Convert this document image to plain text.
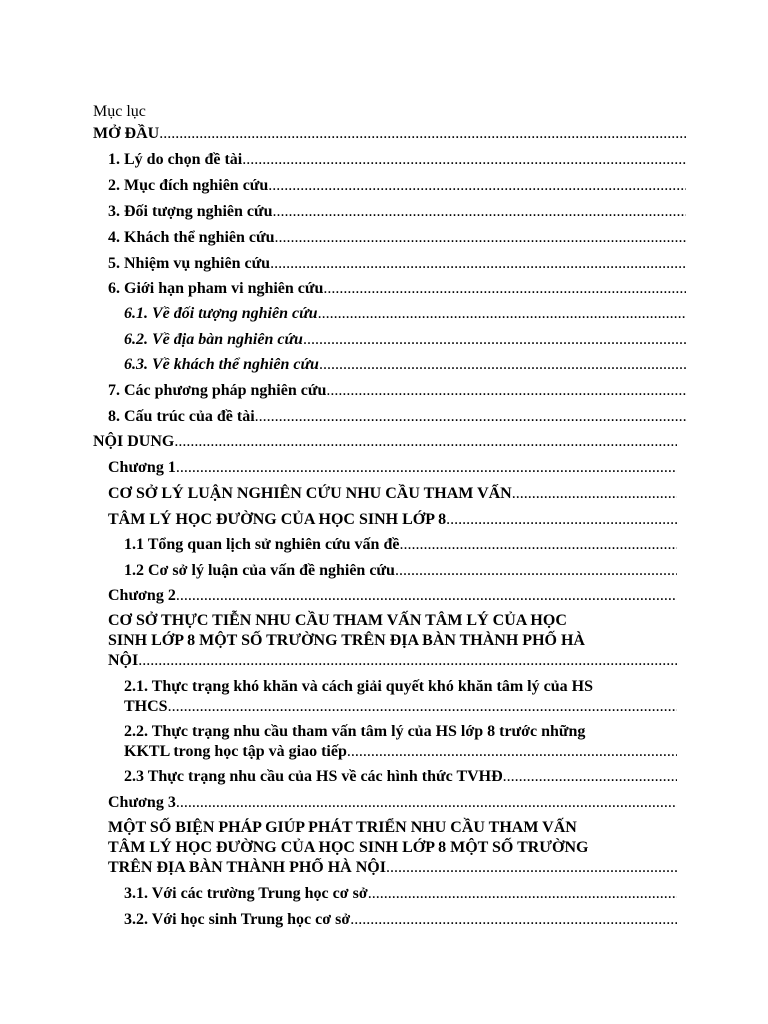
Mục lục
MỞ ĐẦU
.....
1. Lý do chọn đề tài
.....
2. Mục đích nghiên cứu
.....
3. Đối tượng nghiên cứu
.....
4. Khách thể nghiên cứu
.....
5. Nhiệm vụ nghiên cứu
.....
6. Giới hạn pham vi nghiên cứu
.....
6.1. Về đối tượng nghiên cứu
.....
6.2. Về địa bàn nghiên cứu
.....
6.3. Về khách thể nghiên cứu
.....
7. Các phương pháp nghiên cứu
.....
8. Cấu trúc của đề tài
.....
NỘI DUNG
.....
Chương 1
.....
CƠ SỞ LÝ LUẬN NGHIÊN CỨU NHU CẦU THAM VẤN
.....
TÂM LÝ HỌC ĐƯỜNG CỦA HỌC SINH LỚP 8
.....
1.1 Tổng quan lịch sử nghiên cứu vấn đề
.....
1.2 Cơ sở lý luận của vấn đề nghiên cứu
.....
Chương 2
.....
CƠ SỞ THỰC TIỄN NHU CẦU THAM VẤN TÂM LÝ CỦA HỌC
SINH LỚP 8 MỘT SỐ TRƯỜNG TRÊN ĐỊA BÀN THÀNH PHỐ HÀ
NỘI
.....
2.1. Thực trạng khó khăn và cách giải quyết khó khăn tâm lý của HS
THCS
.....
2.2. Thực trạng nhu cầu tham vấn tâm lý của HS lớp 8 trước những
KKTL trong học tập và giao tiếp
.....
2.3 Thực trạng nhu cầu của HS về các hình thức TVHĐ
.....
Chương 3
.....
MỘT SỐ BIỆN PHÁP GIÚP PHÁT TRIỂN NHU CẦU THAM VẤN
TÂM LÝ HỌC ĐƯỜNG CỦA HỌC SINH LỚP 8 MỘT SỐ TRƯỜNG
TRÊN ĐỊA BÀN THÀNH PHỐ HÀ NỘI
.....
3.1. Với các trường Trung học cơ sở
.....
3.2. Với học sinh Trung học cơ sở
.....
